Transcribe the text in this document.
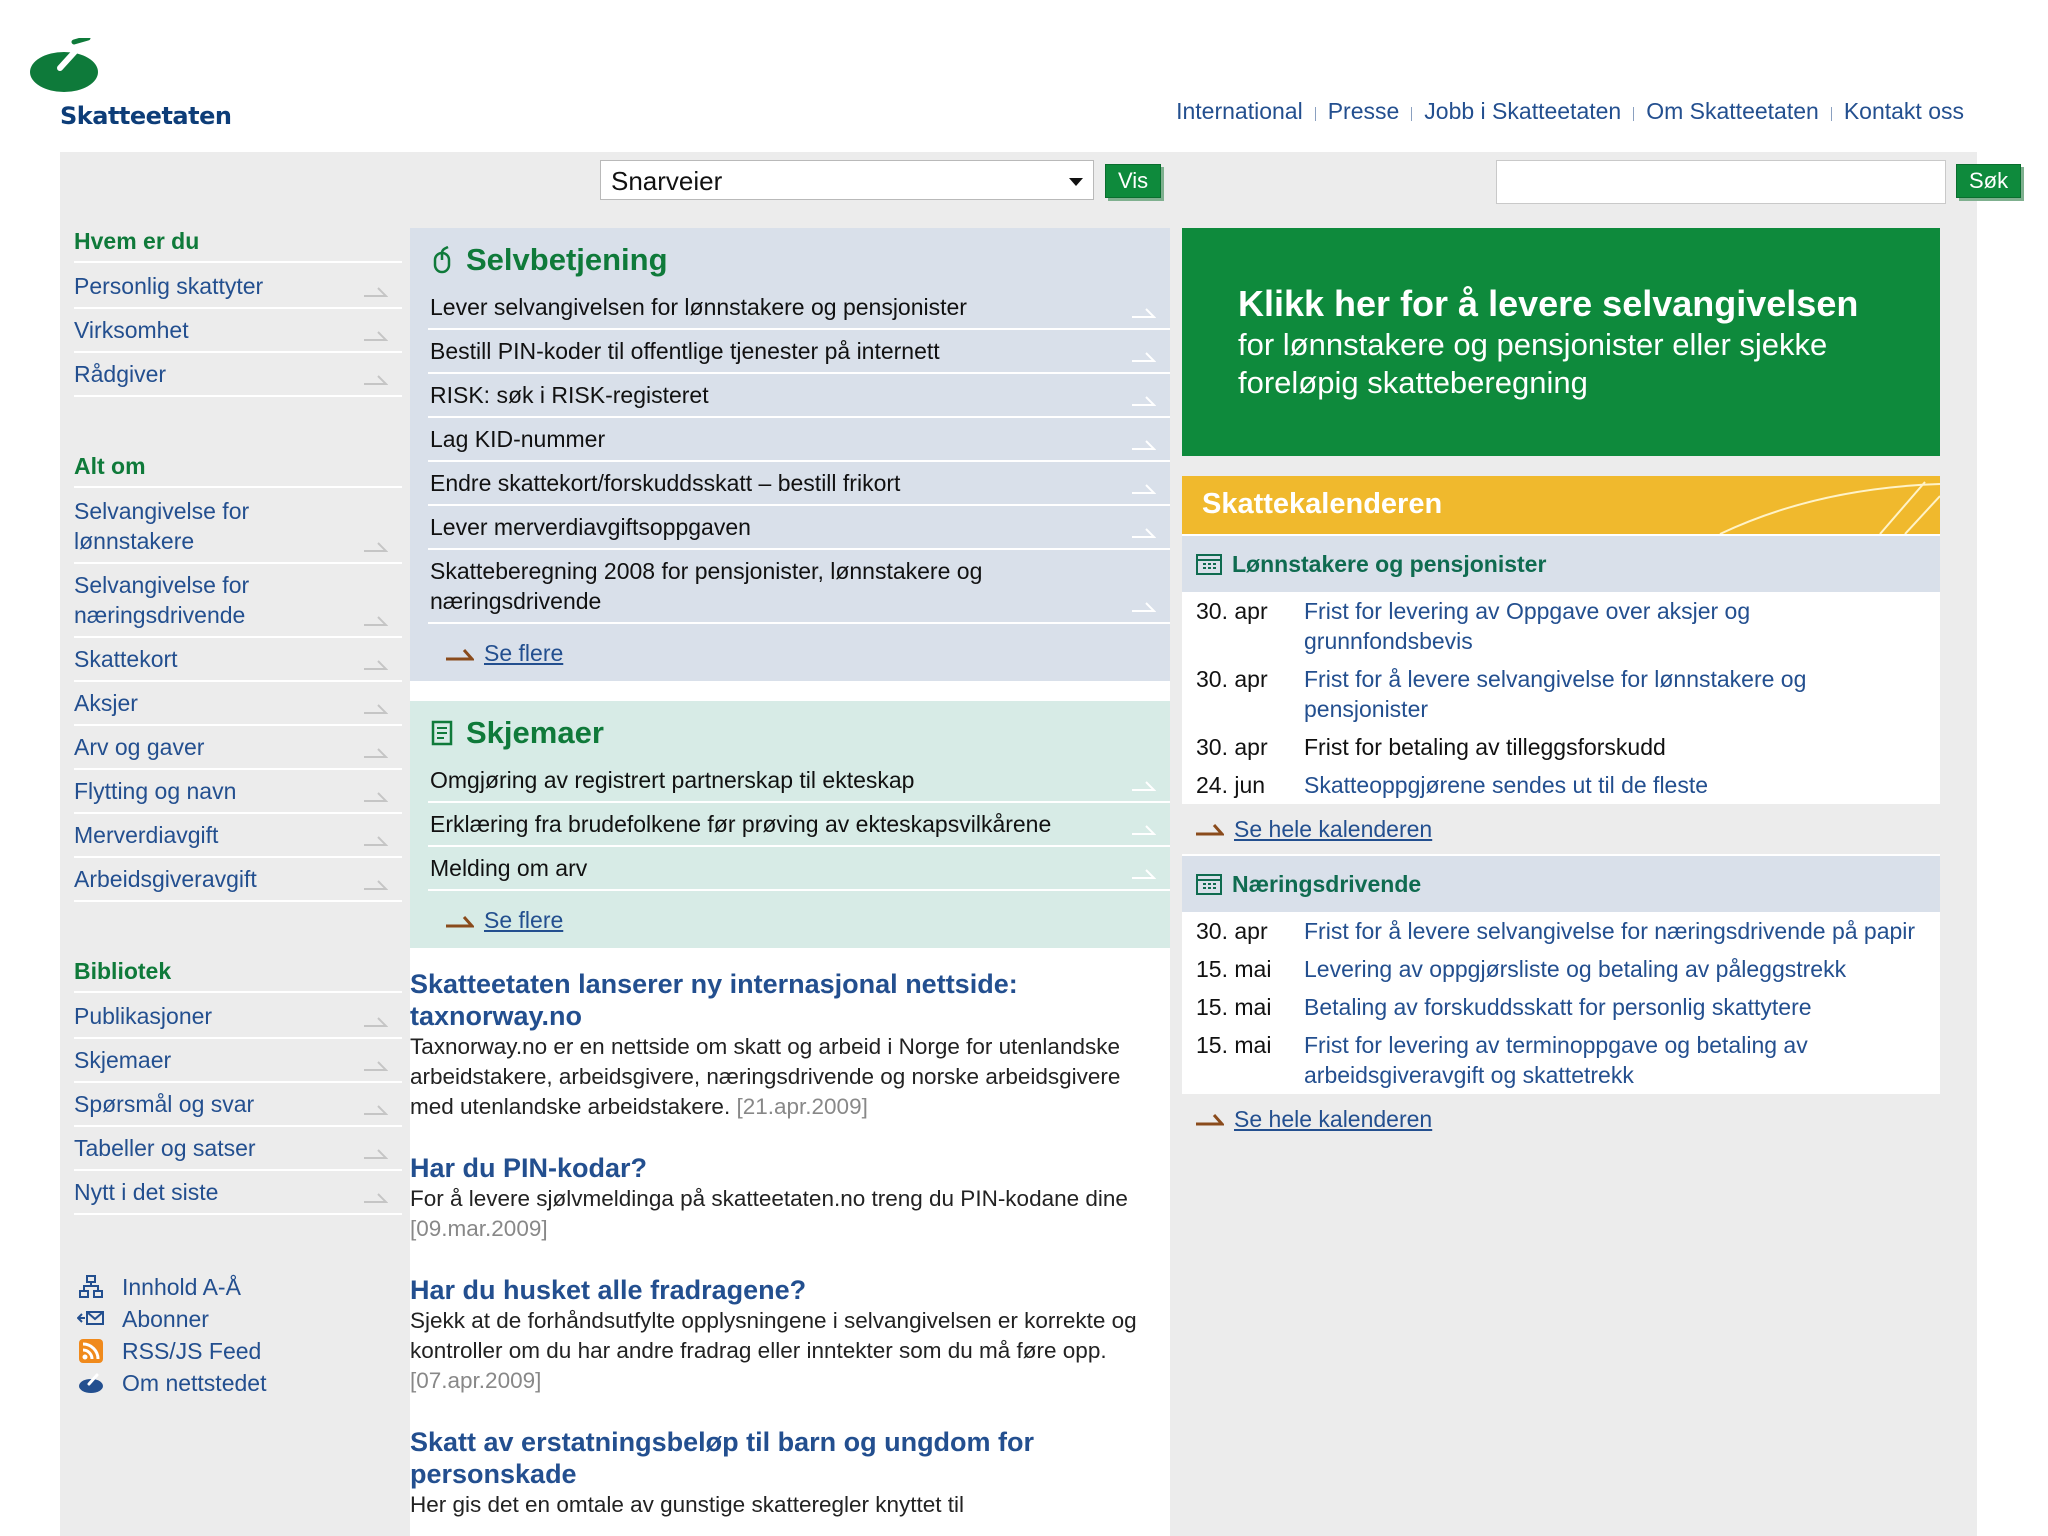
Skatteetaten	International Presse Jobb i Skatteetaten Om Skatteetaten Kontakt oss
Snarveier	Vis	Søk
Hvem er du
Personlig skattyter
Virksomhet
Rådgiver
Alt om
Selvangivelse for lønnstakere
Selvangivelse for næringsdrivende
Skattekort
Aksjer
Arv og gaver
Flytting og navn
Merverdiavgift
Arbeidsgiveravgift
Bibliotek
Publikasjoner
Skjemaer
Spørsmål og svar
Tabeller og satser
Nytt i det siste
Innhold A-Å
Abonner
RSS/JS Feed
Om nettstedet
Selvbetjening
Lever selvangivelsen for lønnstakere og pensjonister
Bestill PIN-koder til offentlige tjenester på internett
RISK: søk i RISK-registeret
Lag KID-nummer
Endre skattekort/forskuddsskatt – bestill frikort
Lever merverdiavgiftsoppgaven
Skatteberegning 2008 for pensjonister, lønnstakere og næringsdrivende
Se flere
Skjemaer
Omgjøring av registrert partnerskap til ekteskap
Erklæring fra brudefolkene før prøving av ekteskapsvilkårene
Melding om arv
Se flere
Skatteetaten lanserer ny internasjonal nettside: taxnorway.no

Taxnorway.no er en nettside om skatt og arbeid i Norge for utenlandske arbeidstakere, arbeidsgivere, næringsdrivende og norske arbeidsgivere med utenlandske arbeidstakere. [21.apr.2009]

Har du PIN-kodar?

For å levere sjølvmeldinga på skatteetaten.no treng du PIN-kodane dine [09.mar.2009]

Har du husket alle fradragene?

Sjekk at de forhåndsutfylte opplysningene i selvangivelsen er korrekte og kontroller om du har andre fradrag eller inntekter som du må føre opp. [07.apr.2009]

Skatt av erstatningsbeløp til barn og ungdom for personskade

Her gis det en omtale av gunstige skatteregler knyttet til

Klikk her for å levere selvangivelsen
for lønnstakere og pensjonister eller sjekke foreløpig skatteberegning
Skattekalenderen
Lønnstakere og pensjonister
30. apr	Frist for levering av Oppgave over aksjer og grunnfondsbevis
30. apr	Frist for å levere selvangivelse for lønnstakere og pensjonister
30. apr	Frist for betaling av tilleggsforskudd
24. jun	Skatteoppgjørene sendes ut til de fleste
Se hele kalenderen
Næringsdrivende
30. apr	Frist for å levere selvangivelse for næringsdrivende på papir
15. mai	Levering av oppgjørsliste og betaling av påleggstrekk
15. mai	Betaling av forskuddsskatt for personlig skattytere
15. mai	Frist for levering av terminoppgave og betaling av arbeidsgiveravgift og skattetrekk
Se hele kalenderen
